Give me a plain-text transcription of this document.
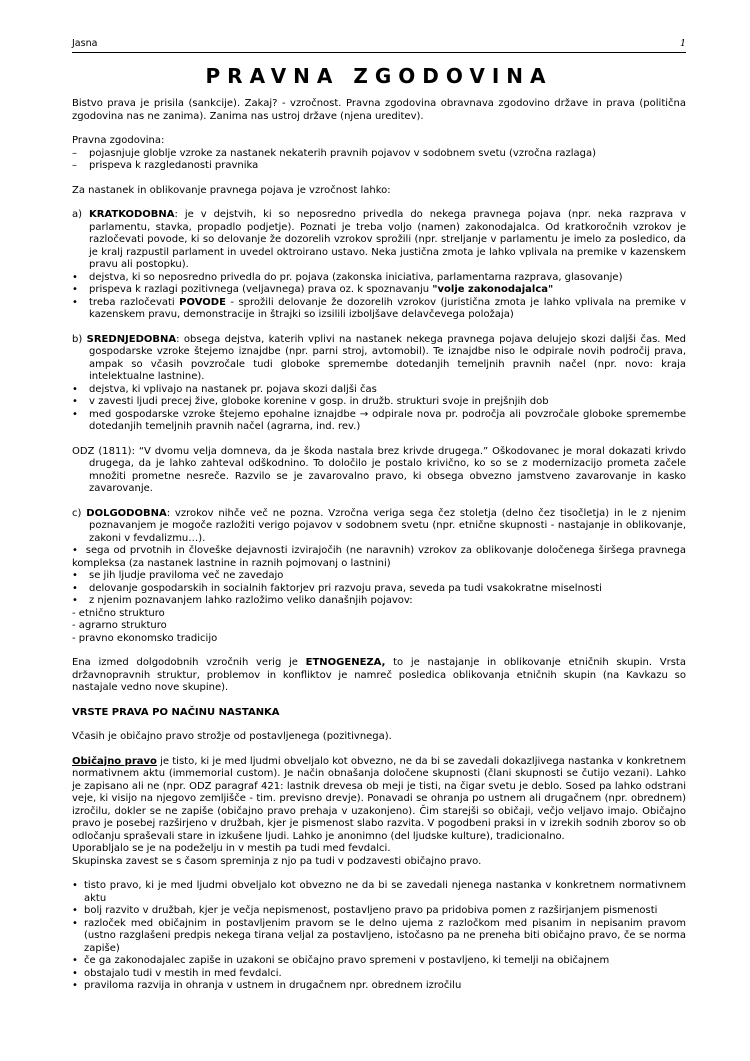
Jasna	1
PRAVNA ZGODOVINA

Bistvo prava je prisila (sankcije). Zakaj? - vzročnost. Pravna zgodovina obravnava zgodovino države in prava (politična zgodovina nas ne zanima). Zanima nas ustroj države (njena ureditev).

Pravna zgodovina:
–	pojasnjuje globlje vzroke za nastanek nekaterih pravnih pojavov v sodobnem svetu (vzročna razlaga)
–	prispeva k razgledanosti pravnika

Za nastanek in oblikovanje pravnega pojava je vzročnost lahko:

a) KRATKODOBNA: je v dejstvih, ki so neposredno privedla do nekega pravnega pojava (npr. neka razprava v parlamentu, stavka, propadlo podjetje). Poznati je treba voljo (namen) zakonodajalca. Od kratkoročnih vzrokov je razločevati povode, ki so delovanje že dozorelih vzrokov sprožili (npr. streljanje v parlamentu je imelo za posledico, da je kralj razpustil parlament in uvedel oktroirano ustavo. Neka justična zmota je lahko vplivala na premike v kazenskem pravu ali postopku).
•	dejstva, ki so neposredno privedla do pr. pojava (zakonska iniciativa, parlamentarna razprava, glasovanje)
•	prispeva k razlagi pozitivnega (veljavnega) prava oz. k spoznavanju "volje zakonodajalca"
•	treba razločevati POVODE - sprožili delovanje že dozorelih vzrokov (juristična zmota je lahko vplivala na premike v kazenskem pravu, demonstracije in štrajki so izsilili izboljšave delavčevega položaja)
b) SREDNJEDOBNA: obsega dejstva, katerih vplivi na nastanek nekega pravnega pojava delujejo skozi daljši čas. Med gospodarske vzroke štejemo iznajdbe (npr. parni stroj, avtomobil). Te iznajdbe niso le odpirale novih področij prava, ampak so včasih povzročale tudi globoke spremembe dotedanjih temeljnih pravnih načel (npr. novo: kraja intelektualne lastnine).
•	dejstva, ki vplivajo na nastanek pr. pojava skozi daljši čas
•	v zavesti ljudi precej žive, globoke korenine v gosp. in družb. strukturi svoje in prejšnjih dob
•	med gospodarske vzroke štejemo epohalne iznajdbe → odpirale nova pr. področja ali povzročale globoke spremembe dotedanjih temeljnih pravnih načel (agrarna, ind. rev.)

ODZ (1811): “V dvomu velja domneva, da je škoda nastala brez krivde drugega.” Oškodovanec je moral dokazati krivdo drugega, da je lahko zahteval odškodnino. To določilo je postalo krivično, ko so se z modernizacijo prometa začele množiti prometne nesreče. Razvilo se je zavarovalno pravo, ki obsega obvezno jamstveno zavarovanje in kasko zavarovanje.

c) DOLGODOBNA: vzrokov nihče več ne pozna. Vzročna veriga sega čez stoletja (delno čez tisočletja) in le z njenim poznavanjem je mogoče razložiti verigo pojavov v sodobnem svetu (npr. etnične skupnosti - nastajanje in oblikovanje, zakoni v fevdalizmu…).
• sega od prvotnih in človeške dejavnosti izvirajočih (ne naravnih) vzrokov za oblikovanje določenega širšega pravnega kompleksa (za nastanek lastnine in raznih pojmovanj o lastnini)
•	se jih ljudje praviloma več ne zavedajo
•	delovanje gospodarskih in socialnih faktorjev pri razvoju prava, seveda pa tudi vsakokratne miselnosti
•	z njenim poznavanjem lahko razložimo veliko današnjih pojavov:
- etnično strukturo
- agrarno strukturo
- pravno ekonomsko tradicijo

Ena izmed dolgodobnih vzročnih verig je ETNOGENEZA, to je nastajanje in oblikovanje etničnih skupin. Vrsta državnopravnih struktur, problemov in konfliktov je namreč posledica oblikovanja etničnih skupin (na Kavkazu so nastajale vedno nove skupine).

VRSTE PRAVA PO NAČINU NASTANKA

Včasih je običajno pravo strožje od postavljenega (pozitivnega).

Običajno pravo je tisto, ki je med ljudmi obveljalo kot obvezno, ne da bi se zavedali dokazljivega nastanka v konkretnem normativnem aktu (immemorial custom). Je način obnašanja določene skupnosti (člani skupnosti se čutijo vezani). Lahko je zapisano ali ne (npr. ODZ paragraf 421: lastnik drevesa ob meji je tisti, na čigar svetu je deblo. Sosed pa lahko odstrani veje, ki visijo na njegovo zemljišče - tim. previsno drevje). Ponavadi se ohranja po ustnem ali drugačnem (npr. obrednem) izročilu, dokler se ne zapiše (običajno pravo prehaja v uzakonjeno). Čim starejši so običaji, večjo veljavo imajo. Običajno pravo je posebej razširjeno v družbah, kjer je pismenost slabo razvita. V pogodbeni praksi in v izrekih sodnih zborov so ob odločanju spraševali stare in izkušene ljudi. Lahko je anonimno (del ljudske kulture), tradicionalno.
Uporabljalo se je na podeželju in v mestih pa tudi med fevdalci.
Skupinska zavest se s časom spreminja z njo pa tudi v podzavesti običajno pravo.
• tisto pravo, ki je med ljudmi obveljalo kot obvezno ne da bi se zavedali njenega nastanka v konkretnem normativnem aktu
• bolj razvito v družbah, kjer je večja nepismenost, postavljeno pravo pa pridobiva pomen z razširjanjem pismenosti
• razloček med običajnim in postavljenim pravom se le delno ujema z razločkom med pisanim in nepisanim pravom (ustno razglašeni predpis nekega tirana veljal za postavljeno, istočasno pa ne preneha biti običajno pravo, če se norma zapiše)
• če ga zakonodajalec zapiše in uzakoni se običajno pravo spremeni v postavljeno, ki temelji na običajnem
• obstajalo tudi v mestih in med fevdalci.
• praviloma razvija in ohranja v ustnem in drugačnem npr. obrednem izročilu
